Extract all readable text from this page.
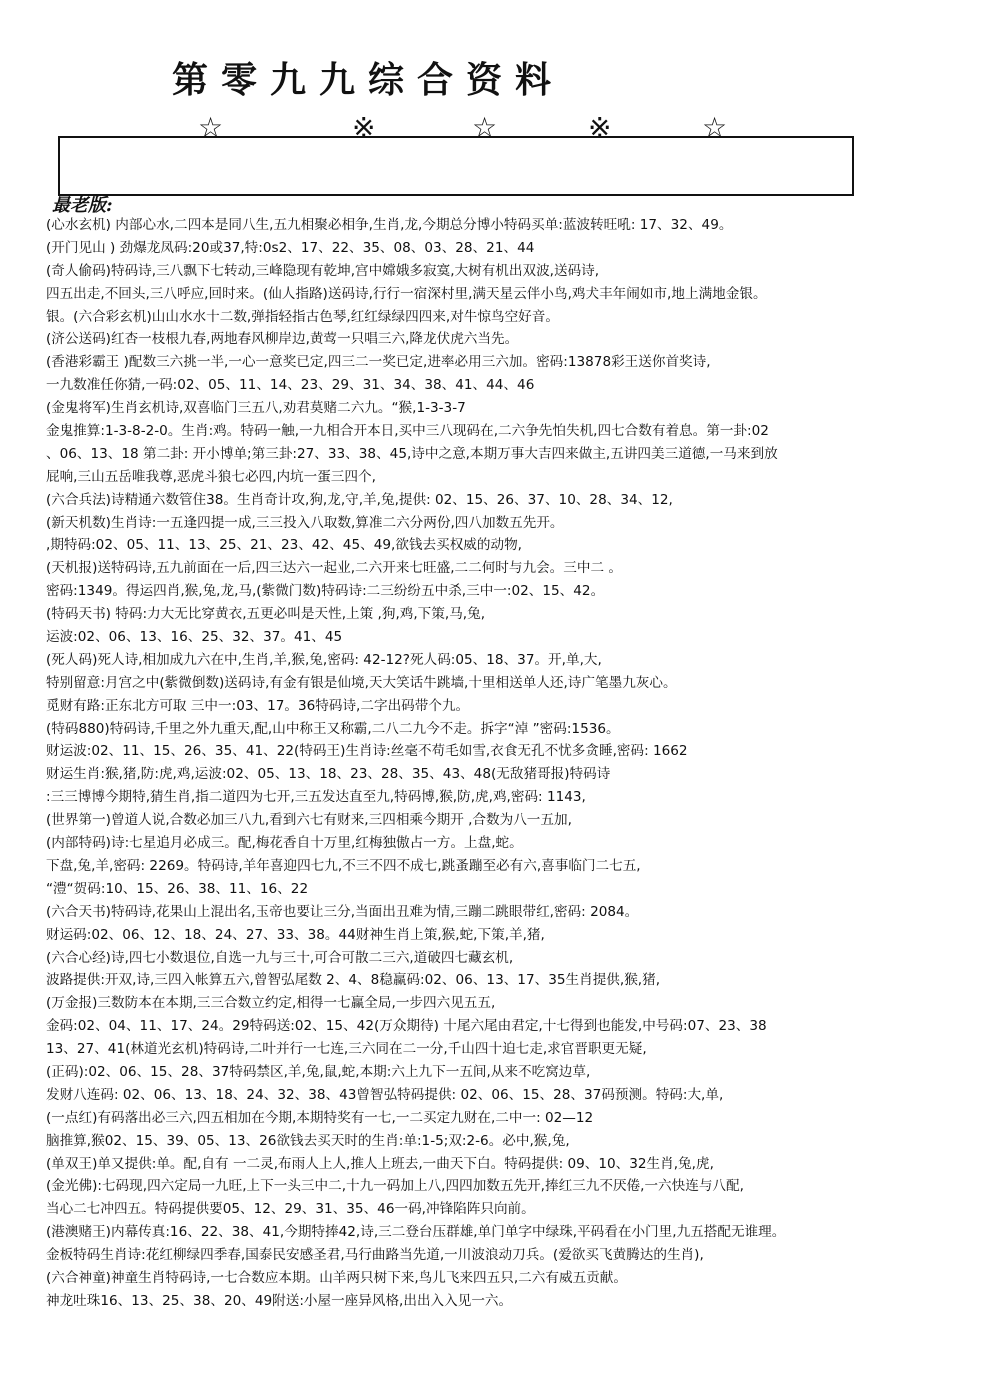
第零九九综合资料
☆	※	☆	※	☆
最老版:
(心水玄机) 内部心水,二四本是同八生,五九相聚必相争,生肖,龙,今期总分博小特码买单:蓝波转旺吼: 17、32、49。
(开门见山 ) 劲爆龙凤码:20或37,特:0s2、17、22、35、08、03、28、21、44
(奇人偷码)特码诗,三八飘下七转动,三峰隐现有乾坤,宫中嫦娥多寂寞,大树有机出双波,送码诗,
四五出走,不回头,三八呼应,回时来。(仙人指路)送码诗,行行一宿深村里,满天星云伴小鸟,鸡犬丰年闹如市,地上满地金银。
银。(六合彩玄机)山山水水十二数,弹指轻指古色琴,红红绿绿四四来,对牛惊鸟空好音。
(济公送码)红杏一枝根九春,两地春风柳岸边,黄莺一只唱三六,降龙伏虎六当先。
(香港彩霸王 )配数三六挑一半,一心一意奖已定,四三二一奖已定,进率必用三六加。密码:13878彩王送你首奖诗,
一九数准任你猜,一码:02、05、11、14、23、29、31、34、38、41、44、46
(金鬼将军)生肖玄机诗,双喜临门三五八,劝君莫赌二六九。“猴,1-3-3-7
金鬼推算:1-3-8-2-0。生肖:鸡。特码一触,一九相合开本日,买中三八现码在,二六争先怕失机,四七合数有着息。第一卦:02
、06、13、18 第二卦: 开小博单;第三卦:27、33、38、45,诗中之意,本期万事大吉四来做主,五讲四美三道德,一马来到放
屁响,三山五岳唯我尊,恶虎斗狼七必四,内坑一蛋三四个,
(六合兵法)诗精通六数管住38。生肖奇计攻,狗,龙,守,羊,兔,提供: 02、15、26、37、10、28、34、12,
(新天机数)生肖诗:一五逢四提一成,三三投入八取数,算准二六分两份,四八加数五先开。
,期特码:02、05、11、13、25、21、23、42、45、49,欲钱去买权威的动物,
(天机报)送特码诗,五九前面在一后,四三达六一起业,二六开来七旺盛,二二何时与九会。三中二 。
密码:1349。得运四肖,猴,兔,龙,马,(紫微门数)特码诗:二三纷纷五中杀,三中一:02、15、42。
(特码天书) 特码:力大无比穿黄衣,五更必叫是天性,上策 ,狗,鸡,下策,马,兔,
运波:02、06、13、16、25、32、37。41、45
(死人码)死人诗,相加成九六在中,生肖,羊,猴,兔,密码: 42-12?死人码:05、18、37。开,单,大,
特别留意:月宫之中(紫微倒数)送码诗,有金有银是仙境,天大笑话牛跳墙,十里相送单人还,诗广笔墨九灰心。
觅财有路:正东北方可取 三中一:03、17。36特码诗,二字出码带个九。
(特码880)特码诗,千里之外九重天,配,山中称王又称霸,二八二九今不走。拆字“淖 ”密码:1536。
财运波:02、11、15、26、35、41、22(特码王)生肖诗:丝毫不苟毛如雪,衣食无孔不忧多贪睡,密码: 1662
财运生肖:猴,猪,防:虎,鸡,运波:02、05、13、18、23、28、35、43、48(无敌猪哥报)特码诗
:三三博博今期特,猜生肖,指二道四为七开,三五发达直至九,特码博,猴,防,虎,鸡,密码: 1143,
(世界第一)曾道人说,合数必加三八九,看到六七有财来,三四相乘今期开 ,合数为八一五加,
(内部特码)诗:七星追月必成三。配,梅花香自十万里,红梅独傲占一方。上盘,蛇。
下盘,兔,羊,密码: 2269。特码诗,羊年喜迎四七九,不三不四不成七,跳蚤蹦至必有六,喜事临门二七五,
“澧“贺码:10、15、26、38、11、16、22
(六合天书)特码诗,花果山上混出名,玉帝也要让三分,当面出丑难为情,三蹦二跳眼带红,密码: 2084。
财运码:02、06、12、18、24、27、33、38。44财神生肖上策,猴,蛇,下策,羊,猪,
(六合心经)诗,四七小数退位,自选一九与三十,可合可散二三六,道破四七藏玄机,
波路提供:开双,诗,三四入帐算五六,曾智弘尾数 2、4、8稳赢码:02、06、13、17、35生肖提供,猴,猪,
(万金报)三数防本在本期,三三合数立约定,相得一七赢全局,一步四六见五五,
金码:02、04、11、17、24。29特码送:02、15、42(万众期待) 十尾六尾由君定,十七得到也能发,中号码:07、23、38
13、27、41(林道光玄机)特码诗,二叶并行一七连,三六同在二一分,千山四十迫七走,求官晋职更无疑,
(正码):02、06、15、28、37特码禁区,羊,兔,鼠,蛇,本期:六上九下一五间,从来不吃窝边草,
发财八连码: 02、06、13、18、24、32、38、43曾智弘特码提供: 02、06、15、28、37码预测。特码:大,单,
(一点红)有码落出必三六,四五相加在今期,本期特奖有一七,一二买定九财在,二中一: 02—12
脑推算,猴02、15、39、05、13、26欲钱去买天时的生肖:单:1-5;双:2-6。必中,猴,兔,
(单双王)单又提供:单。配,自有 一二灵,布雨人上人,推人上班去,一曲天下白。特码提供: 09、10、32生肖,兔,虎,
(金光佛):七码现,四六定局一九旺,上下一头三中二,十九一码加上八,四四加数五先开,捧红三九不厌倦,一六快连与八配,
当心二七冲四五。特码提供要05、12、29、31、35、46一码,冲锋陷阵只向前。
(港澳赌王)内幕传真:16、22、38、41,今期特捧42,诗,三二登台压群雄,单门单字中绿珠,平码看在小门里,九五搭配无谁理。
金板特码生肖诗:花红柳绿四季春,国泰民安感圣君,马行曲路当先道,一川波浪动刀兵。(爱欲买飞黄腾达的生肖),
(六合神童)神童生肖特码诗,一七合数应本期。山羊两只树下来,鸟儿飞来四五只,二六有威五贡献。
神龙吐珠16、13、25、38、20、49附送:小屋一座异风格,出出入入见一六。
